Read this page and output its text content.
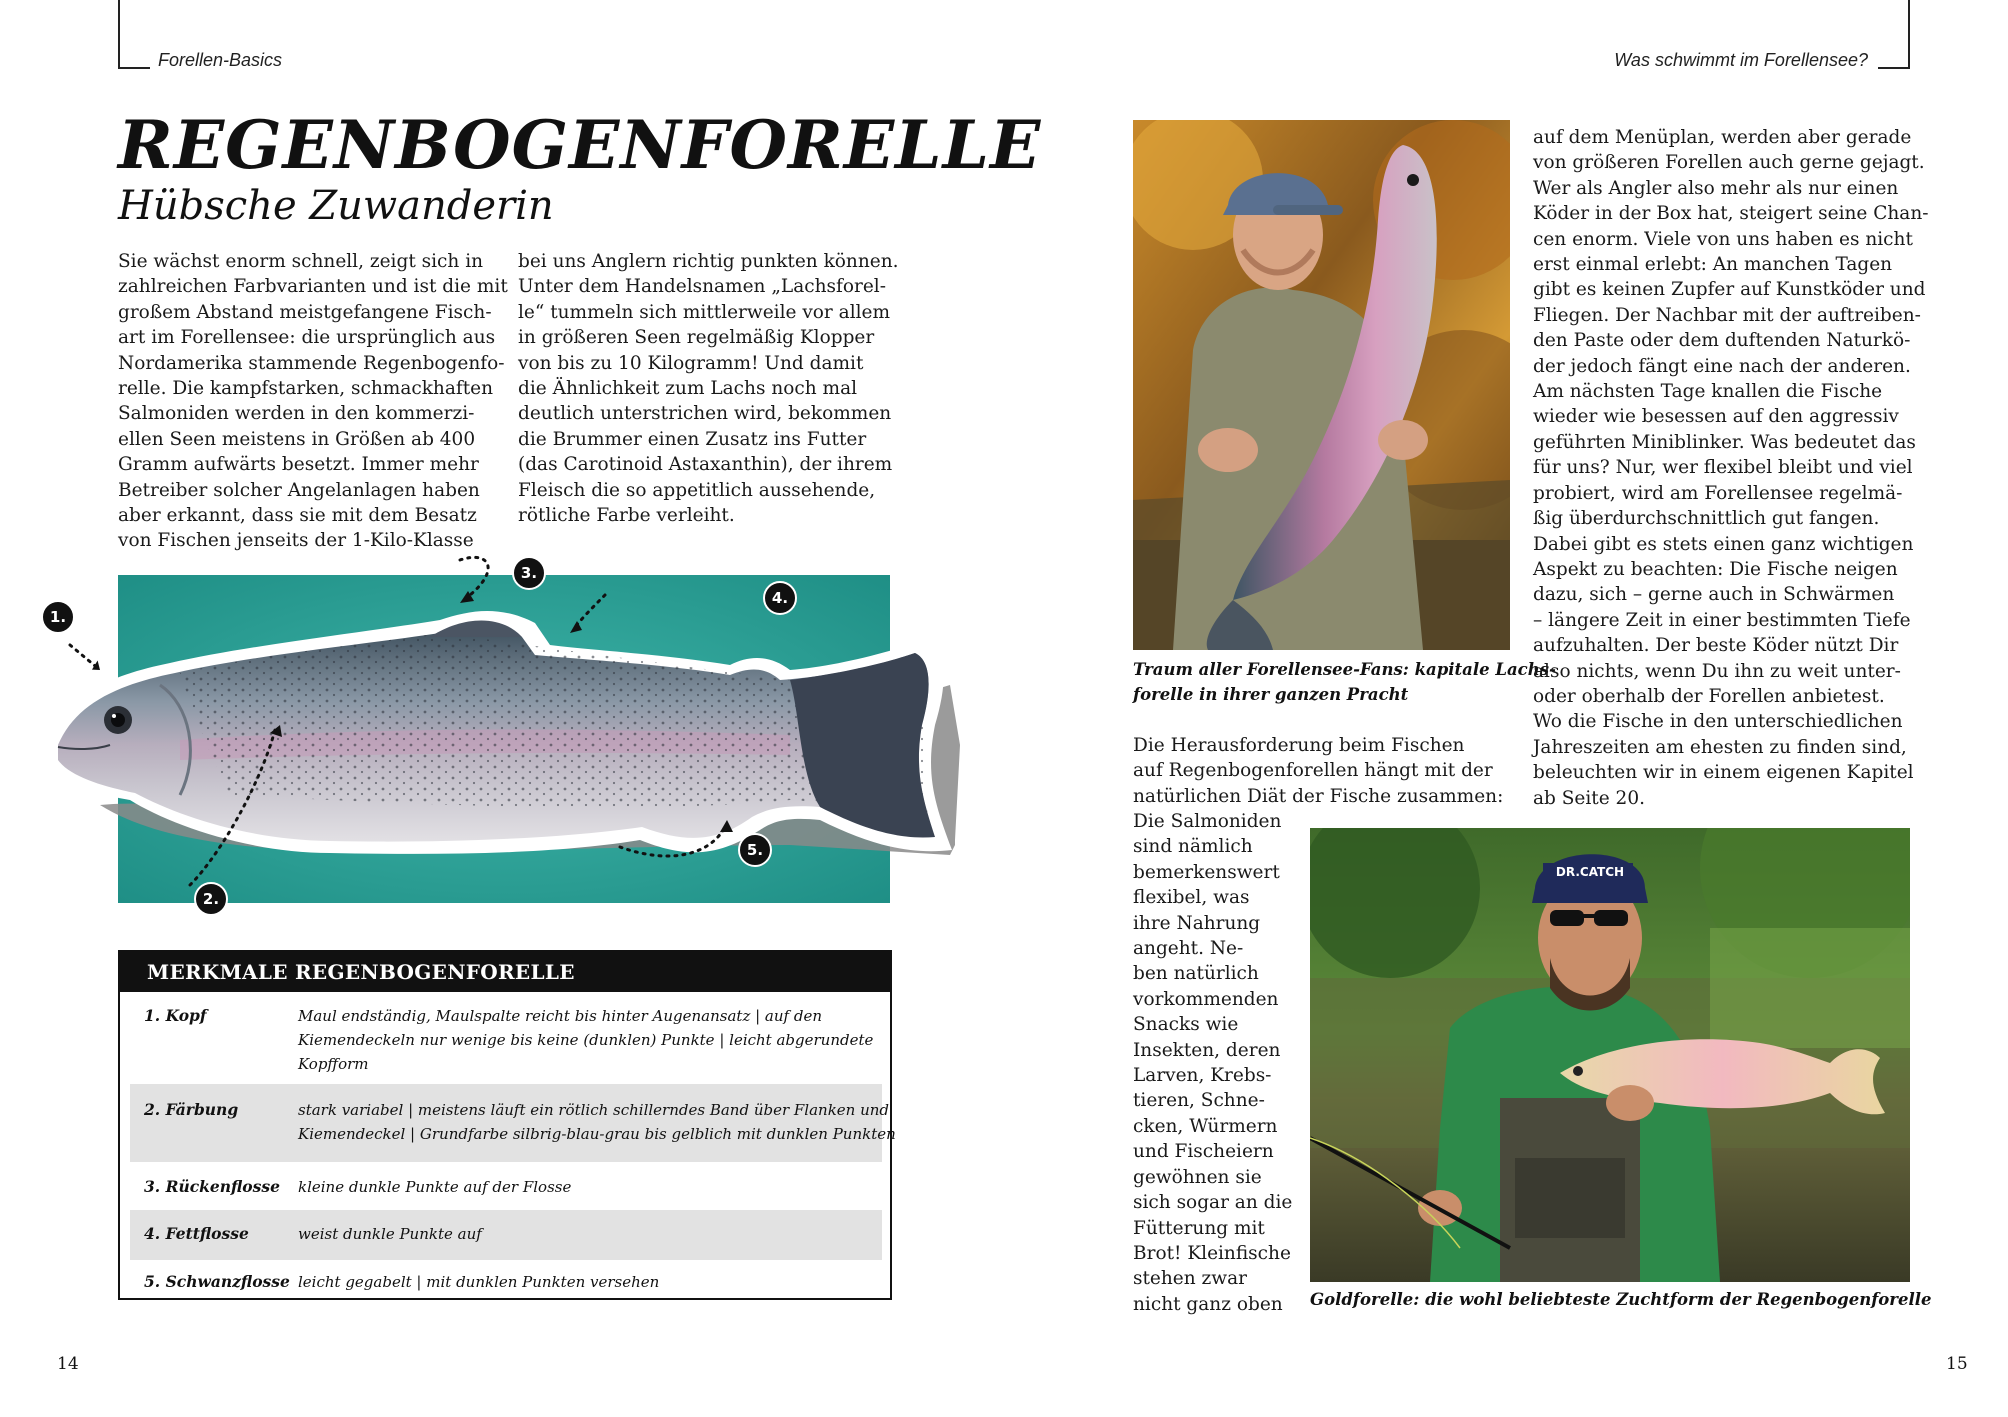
Forellen-Basics	Was schwimmt im Forellensee?
REGENBOGENFORELLE
Hübsche Zuwanderin
Sie wächst enorm schnell, zeigt sich in
zahlreichen Farbvarianten und ist die mit
großem Abstand meistgefangene Fisch-
art im Forellensee: die ursprünglich aus
Nordamerika stammende Regenbogenfo-
relle. Die kampfstarken, schmackhaften
Salmoniden werden in den kommerzi-
ellen Seen meistens in Größen ab 400
Gramm aufwärts besetzt. Immer mehr
Betreiber solcher Angelanlagen haben
aber erkannt, dass sie mit dem Besatz
von Fischen jenseits der 1-Kilo-Klasse
bei uns Anglern richtig punkten können.
Unter dem Handelsnamen „Lachsforel-
le“ tummeln sich mittlerweile vor allem
in größeren Seen regelmäßig Klopper
von bis zu 10 Kilogramm! Und damit
die Ähnlichkeit zum Lachs noch mal
deutlich unterstrichen wird, bekommen
die Brummer einen Zusatz ins Futter
(das Carotinoid Astaxanthin), der ihrem
Fleisch die so appetitlich aussehende,
rötliche Farbe verleiht.
1.
2.
3.
4.
5.
MERKMALE REGENBOGENFORELLE
1. Kopf	Maul endständig, Maulspalte reicht bis hinter Augenansatz | auf den
Kiemendeckeln nur wenige bis keine (dunklen) Punkte | leicht abgerundete
Kopfform
2. Färbung	stark variabel | meistens läuft ein rötlich schillerndes Band über Flanken und
Kiemendeckel | Grundfarbe silbrig-blau-grau bis gelblich mit dunklen Punkten
3. Rückenflosse kleine dunkle Punkte auf der Flosse
4. Fettflosse	weist dunkle Punkte auf
5. Schwanzflosse leicht gegabelt | mit dunklen Punkten versehen
Traum aller Forellensee-Fans: kapitale Lachs-
forelle in ihrer ganzen Pracht
Die Herausforderung beim Fischen
auf Regenbogenforellen hängt mit der
natürlichen Diät der Fische zusammen:
Die Salmoniden
sind nämlich
bemerkenswert
flexibel, was
ihre Nahrung
angeht. Ne-
ben natürlich
vorkommenden
Snacks wie
Insekten, deren
Larven, Krebs-
tieren, Schne-
cken, Würmern
und Fischeiern
gewöhnen sie
sich sogar an die
Fütterung mit
Brot! Kleinfische
stehen zwar
nicht ganz oben
auf dem Menüplan, werden aber gerade
von größeren Forellen auch gerne gejagt.
Wer als Angler also mehr als nur einen
Köder in der Box hat, steigert seine Chan-
cen enorm. Viele von uns haben es nicht
erst einmal erlebt: An manchen Tagen
gibt es keinen Zupfer auf Kunstköder und
Fliegen. Der Nachbar mit der auftreiben-
den Paste oder dem duftenden Naturkö-
der jedoch fängt eine nach der anderen.
Am nächsten Tage knallen die Fische
wieder wie besessen auf den aggressiv
geführten Miniblinker. Was bedeutet das
für uns? Nur, wer flexibel bleibt und viel
probiert, wird am Forellensee regelmä-
ßig überdurchschnittlich gut fangen.
Dabei gibt es stets einen ganz wichtigen
Aspekt zu beachten: Die Fische neigen
dazu, sich – gerne auch in Schwärmen
– längere Zeit in einer bestimmten Tiefe
aufzuhalten. Der beste Köder nützt Dir
also nichts, wenn Du ihn zu weit unter-
oder oberhalb der Forellen anbietest.
Wo die Fische in den unterschiedlichen
Jahreszeiten am ehesten zu finden sind,
beleuchten wir in einem eigenen Kapitel
ab Seite 20.
DR.CATCH
Goldforelle: die wohl beliebteste Zuchtform der Regenbogenforelle
14	15
